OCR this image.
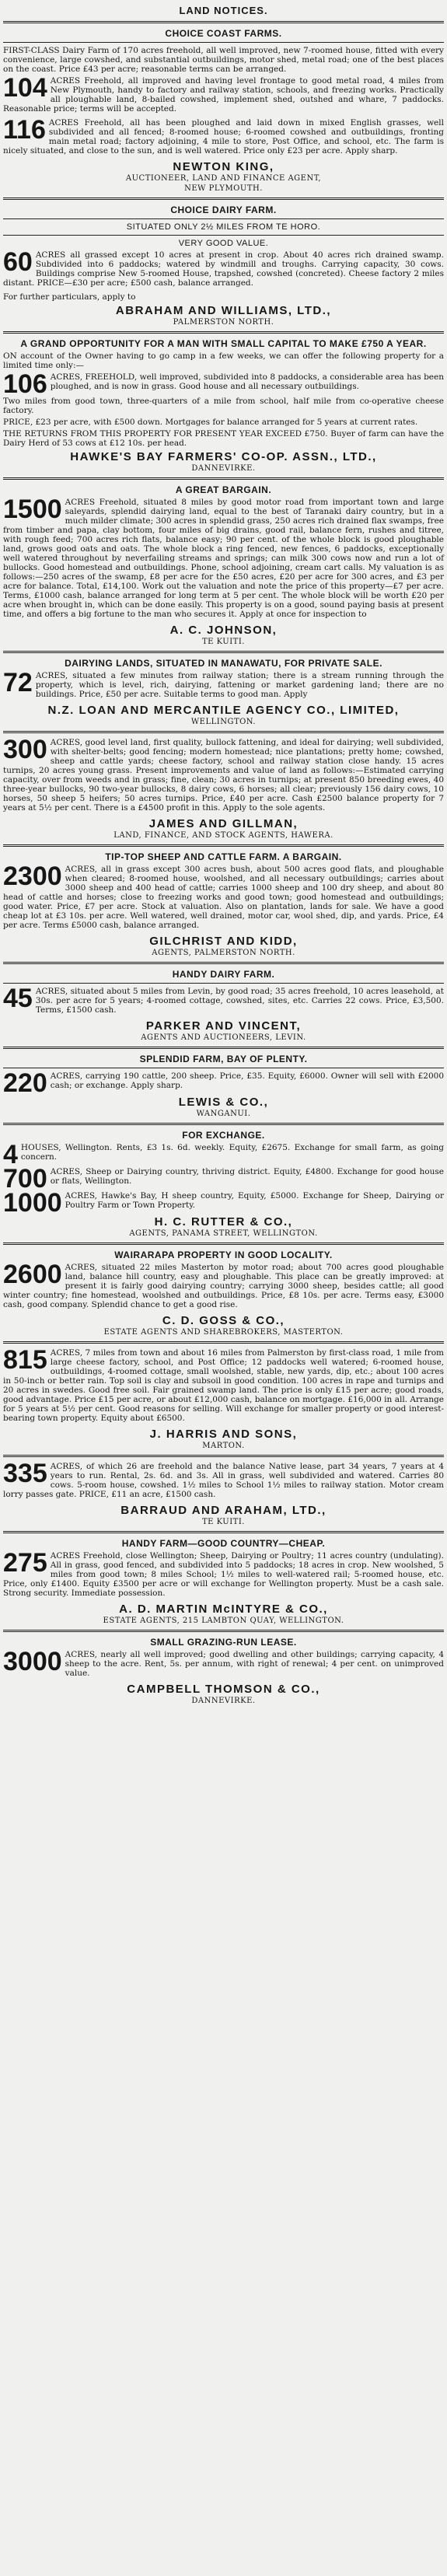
LAND NOTICES.
CHOICE COAST FARMS.

FIRST-CLASS Dairy Farm of 170 acres freehold, all well improved, new 7-roomed house, fitted with every convenience, large cowshed, and substantial outbuildings, motor shed, metal road; one of the best places on the coast. Price £43 per acre; reasonable terms can be arranged.

104 ACRES Freehold, all improved and having level frontage to good metal road, 4 miles from New Plymouth, handy to factory and railway station, schools, and freezing works. Practically all ploughable land, 8-bailed cowshed, implement shed, outshed and whare, 7 paddocks. Reasonable price; terms will be accepted.

116 ACRES Freehold, all has been ploughed and laid down in mixed English grasses, well subdivided and all fenced; 8-roomed house; 6-roomed cowshed and outbuildings, fronting main metal road; factory adjoining, 4 mile to store, Post Office, and school, etc. The farm is nicely situated, and close to the sun, and is well watered. Price only £23 per acre. Apply sharp.

NEWTON KING,
AUCTIONEER, LAND AND FINANCE AGENT,
NEW PLYMOUTH.
CHOICE DAIRY FARM.
SITUATED ONLY 2½ MILES FROM TE HORO.
VERY GOOD VALUE.

60 ACRES all grassed except 10 acres at present in crop. About 40 acres rich drained swamp. Subdivided into 6 paddocks; watered by windmill and troughs. Carrying capacity, 30 cows. Buildings comprise New 5-roomed House, trapshed, cowshed (concreted). Cheese factory 2 miles distant. PRICE—£30 per acre; £500 cash, balance arranged.

For further particulars, apply to

ABRAHAM AND WILLIAMS, LTD.,
PALMERSTON NORTH.
A GRAND OPPORTUNITY FOR A MAN WITH SMALL CAPITAL TO MAKE £750 A YEAR.

ON account of the Owner having to go camp in a few weeks, we can offer the following property for a limited time only:—

106 ACRES, FREEHOLD, well improved, subdivided into 8 paddocks, a considerable area has been ploughed, and is now in grass. Good house and all necessary outbuildings.

Two miles from good town, three-quarters of a mile from school, half mile from co-operative cheese factory.

PRICE, £23 per acre, with £500 down. Mortgages for balance arranged for 5 years at current rates.

THE RETURNS FROM THIS PROPERTY FOR PRESENT YEAR EXCEED £750. Buyer of farm can have the Dairy Herd of 53 cows at £12 10s. per head.

HAWKE'S BAY FARMERS' CO-OP. ASSN., LTD.,
DANNEVIRKE.
A GREAT BARGAIN.

1500 ACRES Freehold, situated 8 miles by good motor road from important town and large saleyards, splendid dairying land, equal to the best of Taranaki dairy country, but in a much milder climate; 300 acres in splendid grass, 250 acres rich drained flax swamps, free from timber and papa, clay bottom, four miles of big drains, good rail, balance fern, rushes and titree, with rough feed; 700 acres rich flats, balance easy; 90 per cent. of the whole block is good ploughable land, grows good oats and oats. The whole block a ring fenced, new fences, 6 paddocks, exceptionally well watered throughout by neverfailing streams and springs; can milk 300 cows now and run a lot of bullocks. Good homestead and outbuildings. Phone, school adjoining, cream cart calls. My valuation is as follows:—250 acres of the swamp, £8 per acre for the £50 acres, £20 per acre for 300 acres, and £3 per acre for balance. Total, £14,100. Work out the valuation and note the price of this property—£7 per acre. Terms, £1000 cash, balance arranged for long term at 5 per cent. The whole block will be worth £20 per acre when brought in, which can be done easily. This property is on a good, sound paying basis at present time, and offers a big fortune to the man who secures it. Apply at once for inspection to

A. C. JOHNSON,
TE KUITI.
DAIRYING LANDS, SITUATED IN MANAWATU, FOR PRIVATE SALE.

72 ACRES, situated a few minutes from railway station; there is a stream running through the property, which is level, rich, dairying, fattening or market gardening land; there are no buildings. Price, £50 per acre. Suitable terms to good man. Apply

N.Z. LOAN AND MERCANTILE AGENCY CO., LIMITED,
WELLINGTON.

300 ACRES, good level land, first quality, bullock fattening, and ideal for dairying; well subdivided, with shelter-belts; good fencing; modern homestead; nice plantations; pretty home; cowshed, sheep and cattle yards; cheese factory, school and railway station close handy. 15 acres turnips, 20 acres young grass. Present improvements and value of land as follows:—Estimated carrying capacity, over from weeds and in grass; fine, clean; 30 acres in turnips; at present 850 breeding ewes, 40 three-year bullocks, 90 two-year bullocks, 8 dairy cows, 6 horses; all clear; previously 156 dairy cows, 10 horses, 50 sheep 5 heifers; 50 acres turnips. Price, £40 per acre. Cash £2500 balance property for 7 years at 5½ per cent. There is a £4500 profit in this. Apply to the sole agents.

JAMES AND GILLMAN,
LAND, FINANCE, AND STOCK AGENTS, HAWERA.
TIP-TOP SHEEP AND CATTLE FARM. A BARGAIN.

2300 ACRES, all in grass except 300 acres bush, about 500 acres good flats, and ploughable when cleared; 8-roomed house, woolshed, and all necessary outbuildings; carries about 3000 sheep and 400 head of cattle; carries 1000 sheep and 100 dry sheep, and about 80 head of cattle and horses; close to freezing works and good town; good homestead and outbuildings; good water. Price, £7 per acre. Stock at valuation. Also on plantation, lands for sale. We have a good cheap lot at £3 10s. per acre. Well watered, well drained, motor car, wool shed, dip, and yards. Price, £4 per acre. Terms £5000 cash, balance arranged.

GILCHRIST AND KIDD,
AGENTS, PALMERSTON NORTH.
HANDY DAIRY FARM.

45 ACRES, situated about 5 miles from Levin, by good road; 35 acres freehold, 10 acres leasehold, at 30s. per acre for 5 years; 4-roomed cottage, cowshed, sites, etc. Carries 22 cows. Price, £3,500. Terms, £1500 cash.

PARKER AND VINCENT,
AGENTS AND AUCTIONEERS, LEVIN.
SPLENDID FARM, BAY OF PLENTY.

220 ACRES, carrying 190 cattle, 200 sheep. Price, £35. Equity, £6000. Owner will sell with £2000 cash; or exchange. Apply sharp.

LEWIS & CO.,
WANGANUI.
FOR EXCHANGE.

4 HOUSES, Wellington. Rents, £3 1s. 6d. weekly. Equity, £2675. Exchange for small farm, as going concern.

700 ACRES, Sheep or Dairying country, thriving district. Equity, £4800. Exchange for good house or flats, Wellington.

1000 ACRES, Hawke's Bay, H sheep country, Equity, £5000. Exchange for Sheep, Dairying or Poultry Farm or Town Property.

H. C. RUTTER & CO.,
AGENTS, PANAMA STREET, WELLINGTON.
WAIRARAPA PROPERTY IN GOOD LOCALITY.

2600 ACRES, situated 22 miles Masterton by motor road; about 700 acres good ploughable land, balance hill country, easy and ploughable. This place can be greatly improved: at present it is fairly good dairying country; carrying 3000 sheep, besides cattle; all good winter country; fine homestead, woolshed and outbuildings. Price, £8 10s. per acre. Terms easy, £3000 cash, good company. Splendid chance to get a good rise.

C. D. GOSS & CO.,
ESTATE AGENTS AND SHAREBROKERS, MASTERTON.

815 ACRES, 7 miles from town and about 16 miles from Palmerston by first-class road, 1 mile from large cheese factory, school, and Post Office; 12 paddocks well watered; 6-roomed house, outbuildings, 4-roomed cottage, small woolshed, stable, new yards, dip, etc.; about 100 acres in 50-inch or better rain. Top soil is clay and subsoil in good condition. 100 acres in rape and turnips and 20 acres in swedes. Good free soil. Fair grained swamp land. The price is only £15 per acre; good roads, good advantage. Price £15 per acre, or about £12,000 cash, balance on mortgage. £16,000 in all. Arrange for 5 years at 5½ per cent. Good reasons for selling. Will exchange for smaller property or good interest-bearing town property. Equity about £6500.

J. HARRIS AND SONS,
MARTON.

335 ACRES, of which 26 are freehold and the balance Native lease, part 34 years, 7 years at 4 years to run. Rental, 2s. 6d. and 3s. All in grass, well subdivided and watered. Carries 80 cows. 5-room house, cowshed. 1½ miles to School 1½ miles to railway station. Motor cream lorry passes gate. PRICE, £11 an acre, £1500 cash.

BARRAUD AND ARAHAM, LTD.,
TE KUITI.
HANDY FARM—GOOD COUNTRY—CHEAP.

275 ACRES Freehold, close Wellington; Sheep, Dairying or Poultry; 11 acres country (undulating). All in grass, good fenced, and subdivided into 5 paddocks; 18 acres in crop. New woolshed, 5 miles from good town; 8 miles School; 1½ miles to well-watered rail; 5-roomed house, etc. Price, only £1400. Equity £3500 per acre or will exchange for Wellington property. Must be a cash sale. Strong security. Immediate possession.

A. D. MARTIN McINTYRE & CO.,
ESTATE AGENTS, 215 LAMBTON QUAY, WELLINGTON.
SMALL GRAZING-RUN LEASE.

3000 ACRES, nearly all well improved; good dwelling and other buildings; carrying capacity, 4 sheep to the acre. Rent, 5s. per annum, with right of renewal; 4 per cent. on unimproved value.

CAMPBELL THOMSON & CO.,
DANNEVIRKE.
